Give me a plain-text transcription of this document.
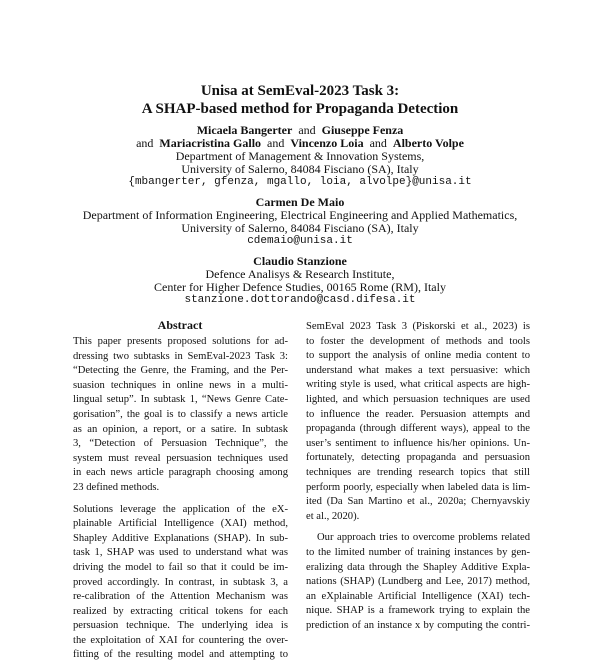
Unisa at SemEval-2023 Task 3:
A SHAP-based method for Propaganda Detection
Micaela Bangerter and Giuseppe Fenza
and Mariacristina Gallo and Vincenzo Loia and Alberto Volpe
Department of Management & Innovation Systems,
University of Salerno, 84084 Fisciano (SA), Italy
{mbangerter, gfenza, mgallo, loia, alvolpe}@unisa.it
Carmen De Maio
Department of Information Engineering, Electrical Engineering and Applied Mathematics,
University of Salerno, 84084 Fisciano (SA), Italy
cdemaio@unisa.it
Claudio Stanzione
Defence Analisys & Research Institute,
Center for Higher Defence Studies, 00165 Rome (RM), Italy
stanzione.dottorando@casd.difesa.it
Abstract
This paper presents proposed solutions for ad-
dressing two subtasks in SemEval-2023 Task 3:
“Detecting the Genre, the Framing, and the Per-
suasion techniques in online news in a multi-
lingual setup”. In subtask 1, “News Genre Cate-
gorisation”, the goal is to classify a news article
as an opinion, a report, or a satire. In subtask
3, “Detection of Persuasion Technique”, the
system must reveal persuasion techniques used
in each news article paragraph choosing among
23 defined methods.
Solutions leverage the application of the eX-
plainable Artificial Intelligence (XAI) method,
Shapley Additive Explanations (SHAP). In sub-
task 1, SHAP was used to understand what was
driving the model to fail so that it could be im-
proved accordingly. In contrast, in subtask 3, a
re-calibration of the Attention Mechanism was
realized by extracting critical tokens for each
persuasion technique. The underlying idea is
the exploitation of XAI for countering the over-
fitting of the resulting model and attempting to
SemEval 2023 Task 3 (Piskorski et al., 2023) is
to foster the development of methods and tools
to support the analysis of online media content to
understand what makes a text persuasive: which
writing style is used, what critical aspects are high-
lighted, and which persuasion techniques are used
to influence the reader. Persuasion attempts and
propaganda (through different ways), appeal to the
user’s sentiment to influence his/her opinions. Un-
fortunately, detecting propaganda and persuasion
techniques are trending research topics that still
perform poorly, especially when labeled data is lim-
ited (Da San Martino et al., 2020a; Chernyavskiy
et al., 2020).
Our approach tries to overcome problems related
to the limited number of training instances by gen-
eralizing data through the Shapley Additive Expla-
nations (SHAP) (Lundberg and Lee, 2017) method,
an eXplainable Artificial Intelligence (XAI) tech-
nique. SHAP is a framework trying to explain the
prediction of an instance x by computing the contri-
